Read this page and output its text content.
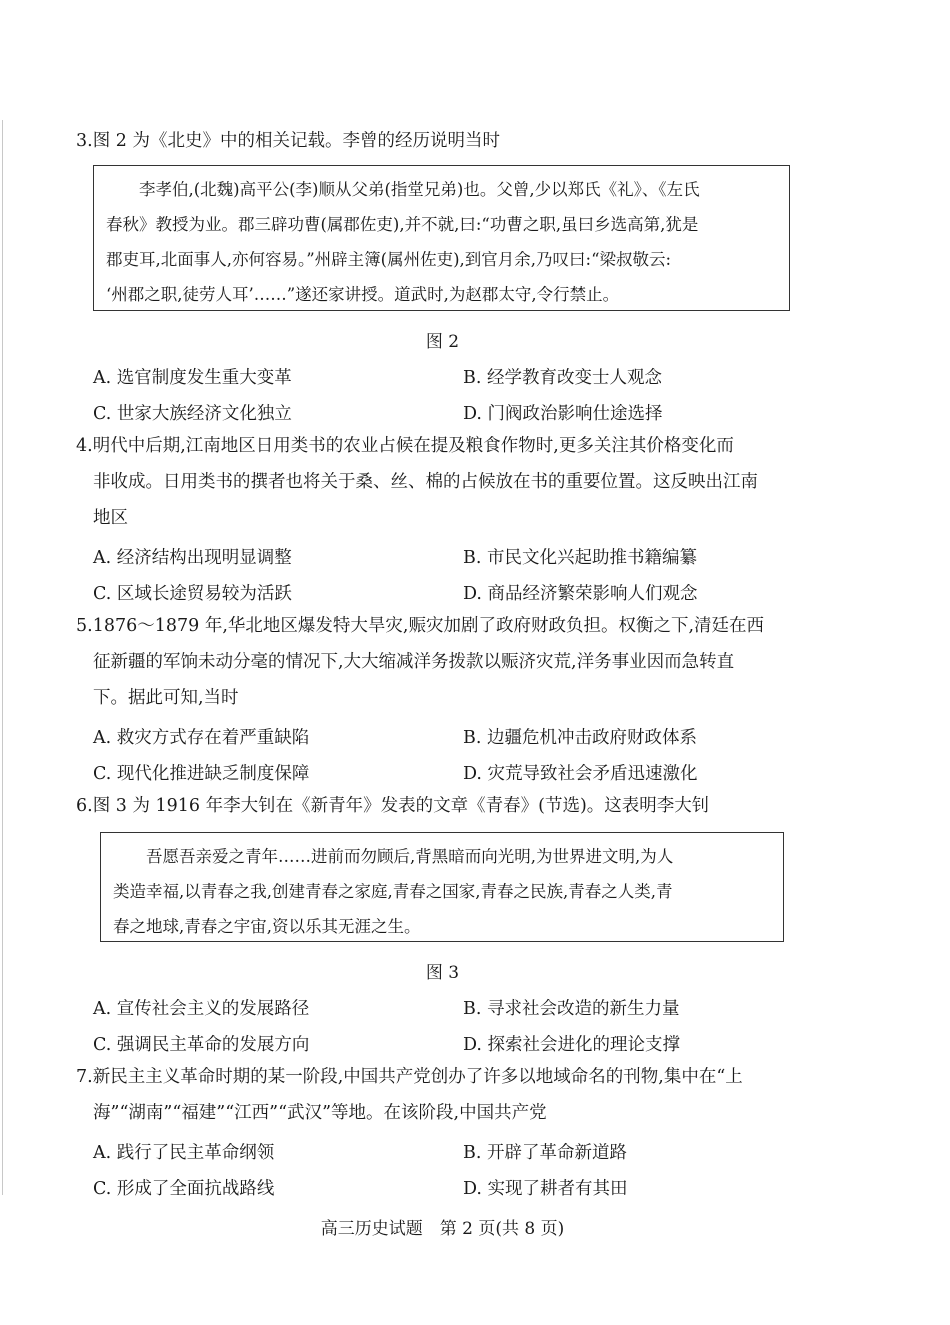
3.图 2 为《北史》中的相关记载。李曾的经历说明当时

李孝伯,(北魏)高平公(李)顺从父弟(指堂兄弟)也。父曾,少以郑氏《礼》、《左氏

春秋》教授为业。郡三辟功曹(属郡佐吏),并不就,曰:“功曹之职,虽曰乡选高第,犹是

郡吏耳,北面事人,亦何容易。”州辟主簿(属州佐吏),到官月余,乃叹曰:“梁叔敬云:

‘州郡之职,徒劳人耳’……”遂还家讲授。道武时,为赵郡太守,令行禁止。

图 2
A. 选官制度发生重大变革	B. 经学教育改变士人观念
C. 世家大族经济文化独立	D. 门阀政治影响仕途选择
4.明代中后期,江南地区日用类书的农业占候在提及粮食作物时,更多关注其价格变化而
非收成。日用类书的撰者也将关于桑、丝、棉的占候放在书的重要位置。这反映出江南
地区
A. 经济结构出现明显调整	B. 市民文化兴起助推书籍编纂
C. 区域长途贸易较为活跃	D. 商品经济繁荣影响人们观念
5.1876～1879 年,华北地区爆发特大旱灾,赈灾加剧了政府财政负担。权衡之下,清廷在西
征新疆的军饷未动分毫的情况下,大大缩减洋务拨款以赈济灾荒,洋务事业因而急转直
下。据此可知,当时
A. 救灾方式存在着严重缺陷	B. 边疆危机冲击政府财政体系
C. 现代化推进缺乏制度保障	D. 灾荒导致社会矛盾迅速激化
6.图 3 为 1916 年李大钊在《新青年》发表的文章《青春》(节选)。这表明李大钊

吾愿吾亲爱之青年……进前而勿顾后,背黑暗而向光明,为世界进文明,为人

类造幸福,以青春之我,创建青春之家庭,青春之国家,青春之民族,青春之人类,青

春之地球,青春之宇宙,资以乐其无涯之生。

图 3
A. 宣传社会主义的发展路径	B. 寻求社会改造的新生力量
C. 强调民主革命的发展方向	D. 探索社会进化的理论支撑
7.新民主主义革命时期的某一阶段,中国共产党创办了许多以地域命名的刊物,集中在“上
海”“湖南”“福建”“江西”“武汉”等地。在该阶段,中国共产党
A. 践行了民主革命纲领	B. 开辟了革命新道路
C. 形成了全面抗战路线	D. 实现了耕者有其田
高三历史试题　第 2 页(共 8 页)
